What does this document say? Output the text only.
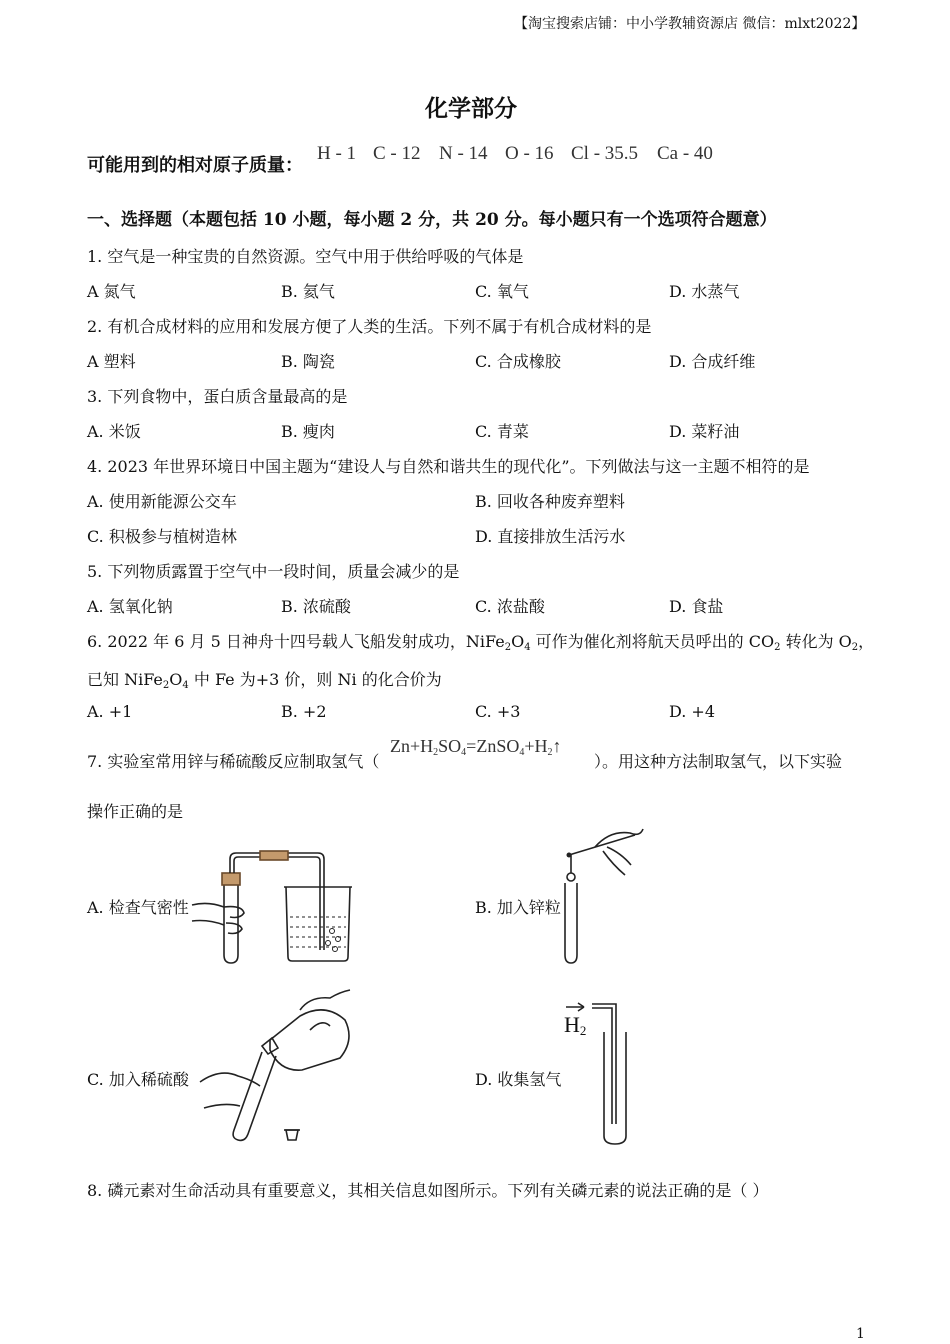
【淘宝搜索店铺：中小学教辅资源店 微信：mlxt2022】
化学部分
可能用到的相对原子质量：
H - 1 C - 12 N - 14 O - 16 Cl - 35.5 Ca - 40
一、选择题（本题包括 10 小题，每小题 2 分，共 20 分。每小题只有一个选项符合题意）
1. 空气是一种宝贵的自然资源。空气中用于供给呼吸的气体是
A 氮气	B. 氦气	C. 氧气	D. 水蒸气
2. 有机合成材料的应用和发展方便了人类的生活。下列不属于有机合成材料的是
A 塑料	B. 陶瓷	C. 合成橡胶	D. 合成纤维
3. 下列食物中，蛋白质含量最高的是
A. 米饭	B. 瘦肉	C. 青菜	D. 菜籽油
4. 2023 年世界环境日中国主题为“建设人与自然和谐共生的现代化”。下列做法与这一主题不相符的是
A. 使用新能源公交车	B. 回收各种废弃塑料
C. 积极参与植树造林	D. 直接排放生活污水
5. 下列物质露置于空气中一段时间，质量会减少的是
A. 氢氧化钠	B. 浓硫酸	C. 浓盐酸	D. 食盐
6. 2022 年 6 月 5 日神舟十四号载人飞船发射成功，$NiFe_2O_4$ 可作为催化剂将航天员呼出的 $CO_2$ 转化为 $O_2$，
已知 $NiFe_2O_4$ 中 Fe 为+3 价，则 Ni 的化合价为
A. +1	B. +2	C. +3	D. +4
7. 实验室常用锌与稀硫酸反应制取氢气（
$Zn+H_2SO_4=ZnSO_4+H_2↑$
）。用这种方法制取氢气，以下实验
操作正确的是
A. 检查气密性	B. 加入锌粒
C. 加入稀硫酸	D. 收集氢气
$H_2$
8. 磷元素对生命活动具有重要意义，其相关信息如图所示。下列有关磷元素的说法正确的是（ ）
1
